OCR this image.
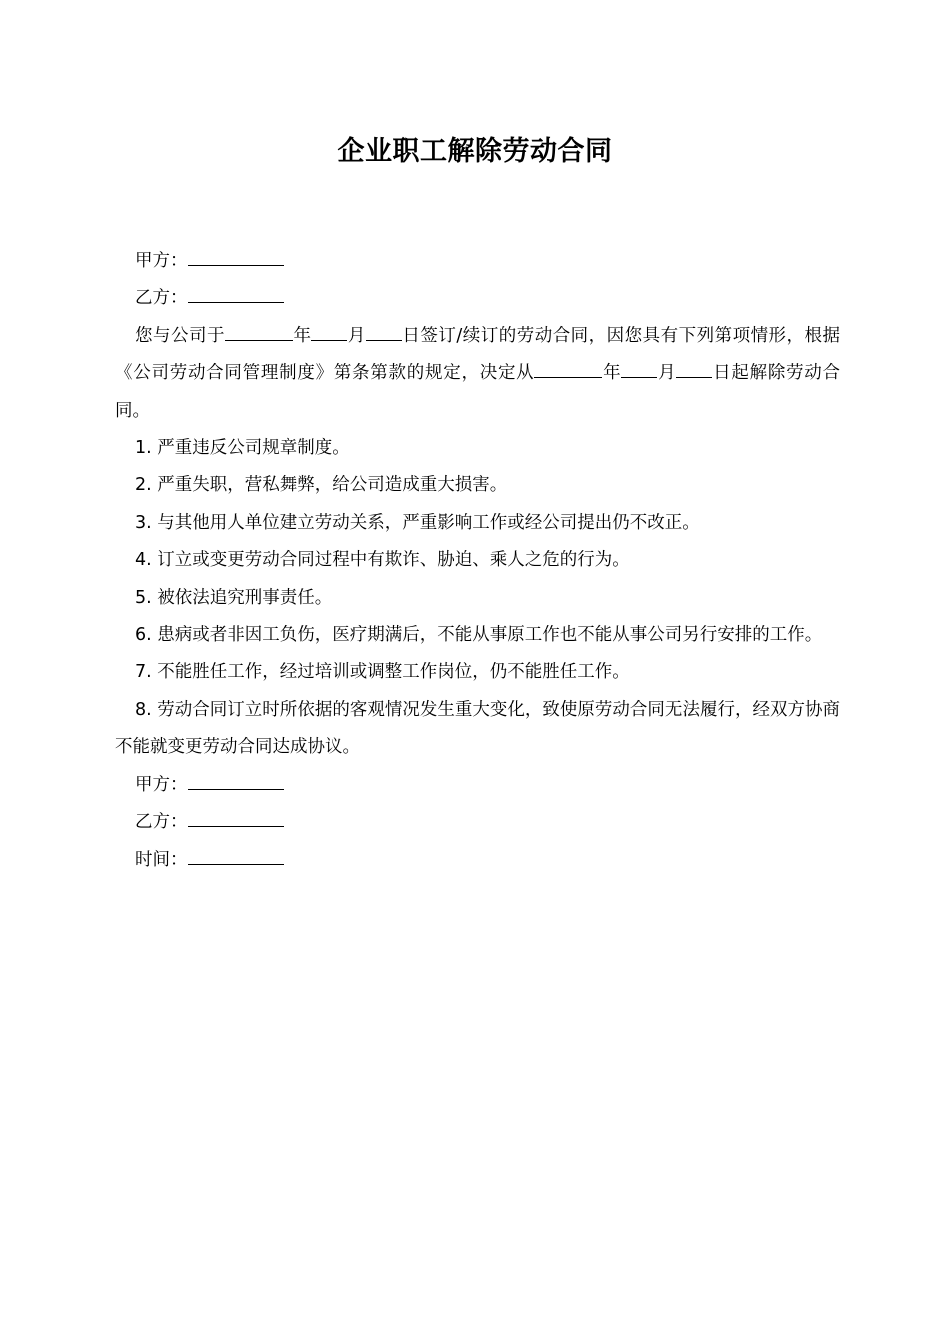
企业职工解除劳动合同

甲方：

乙方：

您与公司于	年 月 日签订/续订的劳动合同，因您具有下列第项情形，根据《公司劳动合同管理制度》第条第款的规定，决定从	年 月 日起解除劳动合同。

1. 严重违反公司规章制度。

2. 严重失职，营私舞弊，给公司造成重大损害。

3. 与其他用人单位建立劳动关系，严重影响工作或经公司提出仍不改正。

4. 订立或变更劳动合同过程中有欺诈、胁迫、乘人之危的行为。

5. 被依法追究刑事责任。

6. 患病或者非因工负伤，医疗期满后，不能从事原工作也不能从事公司另行安排的工作。

7. 不能胜任工作，经过培训或调整工作岗位，仍不能胜任工作。

8. 劳动合同订立时所依据的客观情况发生重大变化，致使原劳动合同无法履行，经双方协商不能就变更劳动合同达成协议。

甲方：

乙方：

时间：
